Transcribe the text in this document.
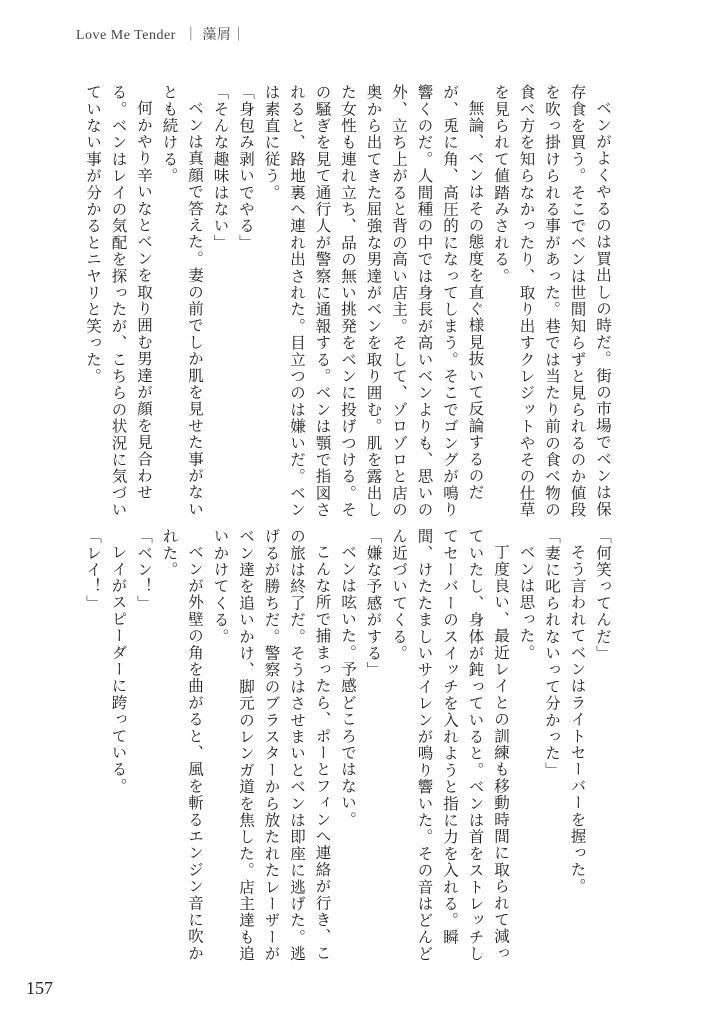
Love Me Tender ｜ 藻屑｜

ベンがよくやるのは買出しの時だ。街の市場でベンは保存食を買う。そこでベンは世間知らずと見られるのか値段を吹っ掛けられる事があった。巷では当たり前の食べ物の食べ方を知らなかったり、取り出すクレジットやその仕草を見られて値踏みされる。

無論、ベンはその態度を直ぐ様見抜いて反論するのだが、兎に角、高圧的になってしまう。そこでゴングが鳴り響くのだ。人間種の中では身長が高いベンよりも、思いの外、立ち上がると背の高い店主。そして、ゾロゾロと店の奥から出てきた屈強な男達がベンを取り囲む。肌を露出した女性も連れ立ち、品の無い挑発をベンに投げつける。その騒ぎを見て通行人が警察に通報する。ベンは顎で指図されると、路地裏へ連れ出された。目立つのは嫌いだ。ベンは素直に従う。

「身包み剥いでやる」

「そんな趣味はない」

ベンは真顔で答えた。妻の前でしか肌を見せた事がないとも続ける。

何かやり辛いなとベンを取り囲む男達が顔を見合わせる。ベンはレイの気配を探ったが、こちらの状況に気づいていない事が分かるとニヤリと笑った。

「何笑ってんだ」

そう言われてベンはライトセーバーを握った。

「妻に叱られないって分かった」

ベンは思った。

丁度良い、最近レイとの訓練も移動時間に取られて減っていたし、身体が鈍っていると。ベンは首をストレッチしてセーバーのスイッチを入れようと指に力を入れる。瞬間、けたたましいサイレンが鳴り響いた。その音はどんどん近づいてくる。

「嫌な予感がする」

ベンは呟いた。予感どころではない。

こんな所で捕まったら、ポーとフィンへ連絡が行き、この旅は終了だ。そうはさせまいとベンは即座に逃げた。逃げるが勝ちだ。警察のブラスターから放たれたレーザーがベン達を追いかけ、脚元のレンガ道を焦した。店主達も追いかけてくる。

ベンが外壁の角を曲がると、風を斬るエンジン音に吹かれた。

「ベン！」

レイがスピーダーに跨っている。

「レイ！」

157
